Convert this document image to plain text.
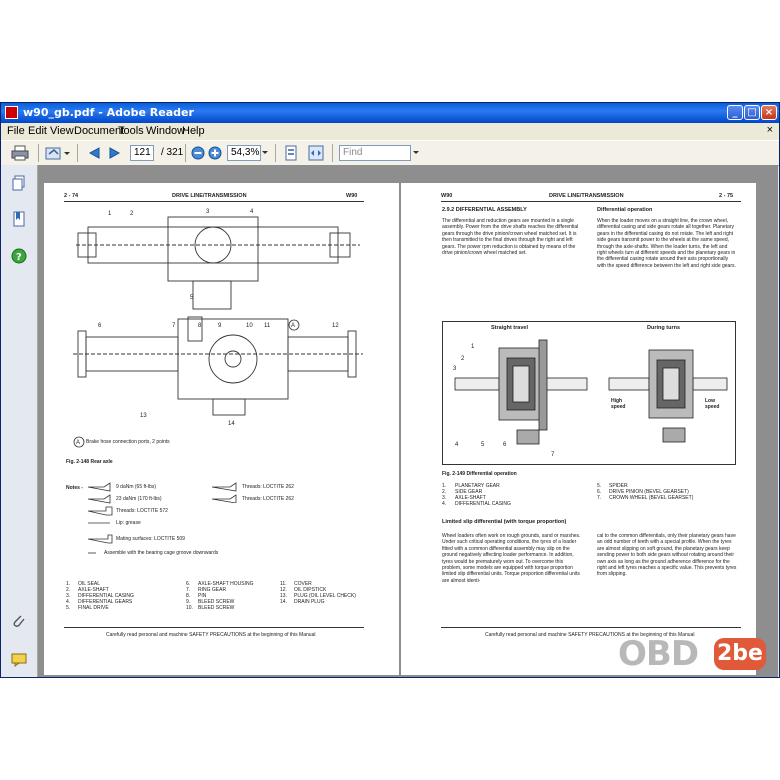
w90_gb.pdf - Adobe Reader	_ □ ×
File Edit View Document
Tools Window
Help	×
121	/ 321	54,3%	Find
?
2 - 74	DRIVE LINE/TRANSMISSION	W90
1	2	3	4
5
6	7	8	9	10 11	12
13
14
A
A Brake hose connection ports, 2 points
Fig. 2-148 Rear axle
Notes -	9 daNm (65 ft-lbs)
23 daNm (170 ft-lbs)
Threads: LOCTITE 572
Lip: grease
Mating surfaces: LOCTITE 509
Assemble with the bearing cage groove downwards
Threads: LOCTITE 262
Threads: LOCTITE 262
1. OIL SEAL
2. AXLE-SHAFT
3. DIFFERENTIAL CASING
4. DIFFERENTIAL GEARS
5. FINAL DRIVE
6. AXLE-SHAFT HOUSING
7. RING GEAR
8. PIN
9. BLEED SCREW
10. BLEED SCREW
11. COVER
12. OIL DIPSTICK
13. PLUG (OIL LEVEL CHECK)
14. DRAIN PLUG
Carefully read personal and machine SAFETY PRECAUTIONS at the beginning of this Manual
W90	DRIVE LINE/TRANSMISSION	2 - 75
2.9.2 DIFFERENTIAL ASSEMBLY
The differential and reduction gears are mounted in a single assembly. Power from the drive shafts reaches the differential gears through the drive pinion/crown wheel matched set. It is then transmitted to the final drives through the right and left gears. The power rpm reduction is obtained by means of the drive pinion/crown wheel matched set.
Differential operation
When the loader moves on a straight line, the crown wheel, differential casing and side gears rotate all together. Planetary gears in the differential casing do not rotate. The left and right side gears transmit power to the wheels at the same speed, through the axle-shafts. When the loader turns, the left and right wheels turn at different speeds and the planetary gears in the differential casing rotate around their axis proportionally with the speed difference between the left and right side gears.
Straight travel	During turns
1
2
3
4	5	6
7
High speed
Low speed
Fig. 2-149 Differential operation
1. PLANETARY GEAR
2. SIDE GEAR
3. AXLE-SHAFT
4. DIFFERENTIAL CASING
5. SPIDER
6. DRIVE PINION (BEVEL GEARSET)
7. CROWN WHEEL (BEVEL GEARSET)
Limited slip differential (with torque proportion)
Wheel loaders often work on rough grounds, sand or marshes. Under such critical operating conditions, the tyres of a loader fitted with a common differential assembly may slip on the ground negatively affecting loader performance. In addition, tyres would be prematurely worn out. To overcome this problem, some models are equipped with torque proportion limited slip differential units. Torque proportion differential units are almost identi-
cal to the common differentials, only their planetary gears have an odd number of teeth with a special profile. When the tyres are almost slipping on soft ground, the planetary gears keep sending power to both side gears without rotating around their own axis as long as the ground adherence difference for the right and left tyres reaches a specific value. This prevents tyres from slipping.
Carefully read personal and machine SAFETY PRECAUTIONS at the beginning of this Manual
OBD 2be
